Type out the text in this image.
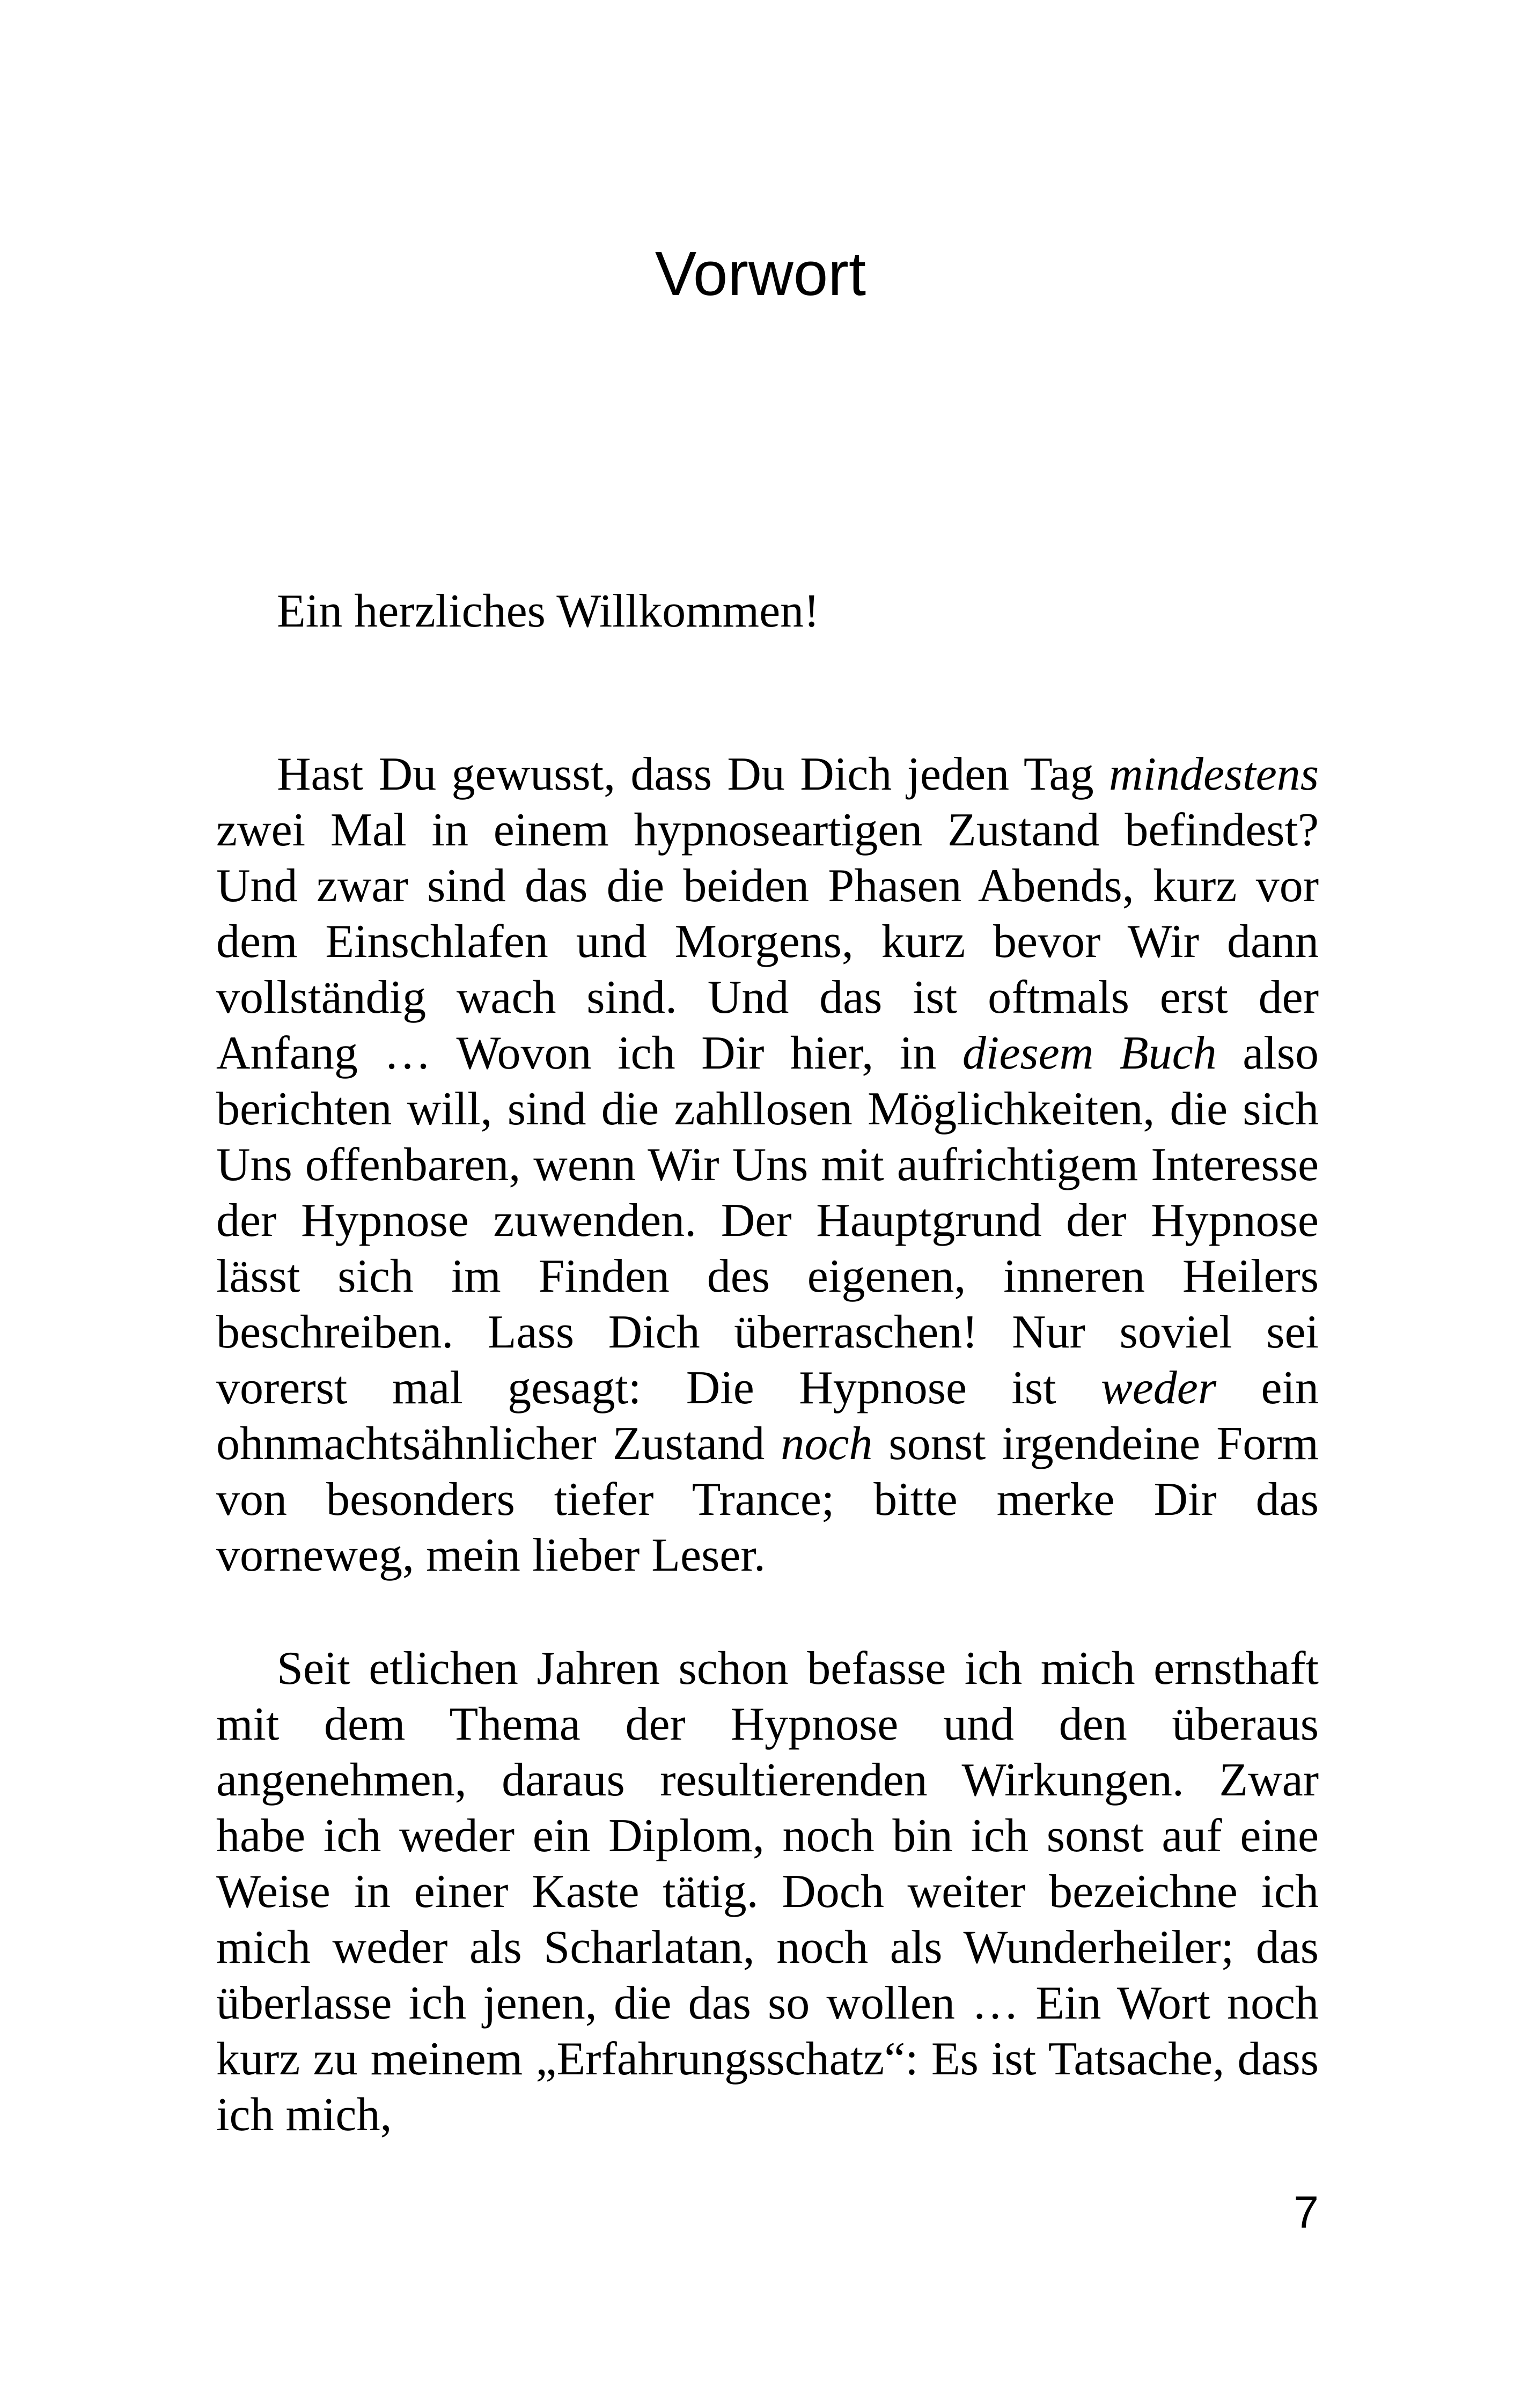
Vorwort

Ein herzliches Willkommen!

Hast Du gewusst, dass Du Dich jeden Tag mindestens zwei Mal in einem hypnoseartigen Zustand befindest? Und zwar sind das die beiden Phasen Abends, kurz vor dem Einschlafen und Morgens, kurz bevor Wir dann vollständig wach sind. Und das ist oftmals erst der Anfang … Wovon ich Dir hier, in diesem Buch also berichten will, sind die zahllosen Möglichkeiten, die sich Uns offenbaren, wenn Wir Uns mit aufrichtigem Interesse der Hypnose zuwenden. Der Hauptgrund der Hypnose lässt sich im Finden des eigenen, inneren Heilers beschreiben. Lass Dich überraschen! Nur soviel sei vorerst mal gesagt: Die Hypnose ist weder ein ohnmachtsähnlicher Zustand noch sonst irgendeine Form von besonders tiefer Trance; bitte merke Dir das vorneweg, mein lieber Leser.

Seit etlichen Jahren schon befasse ich mich ernsthaft mit dem Thema der Hypnose und den überaus angenehmen, daraus resultierenden Wirkungen. Zwar habe ich weder ein Diplom, noch bin ich sonst auf eine Weise in einer Kaste tätig. Doch weiter bezeichne ich mich weder als Scharlatan, noch als Wunderheiler; das überlasse ich jenen, die das so wollen … Ein Wort noch kurz zu meinem „Erfahrungsschatz“: Es ist Tatsache, dass ich mich,

7
